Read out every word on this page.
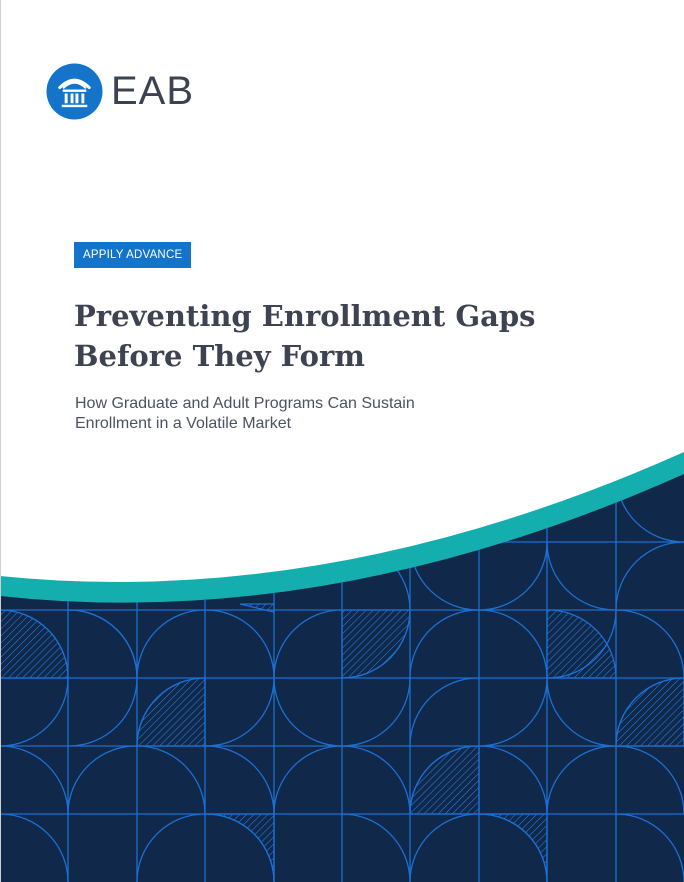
EAB
APPILY ADVANCE
Preventing Enrollment Gaps
Before They Form

How Graduate and Adult Programs Can Sustain
Enrollment in a Volatile Market
